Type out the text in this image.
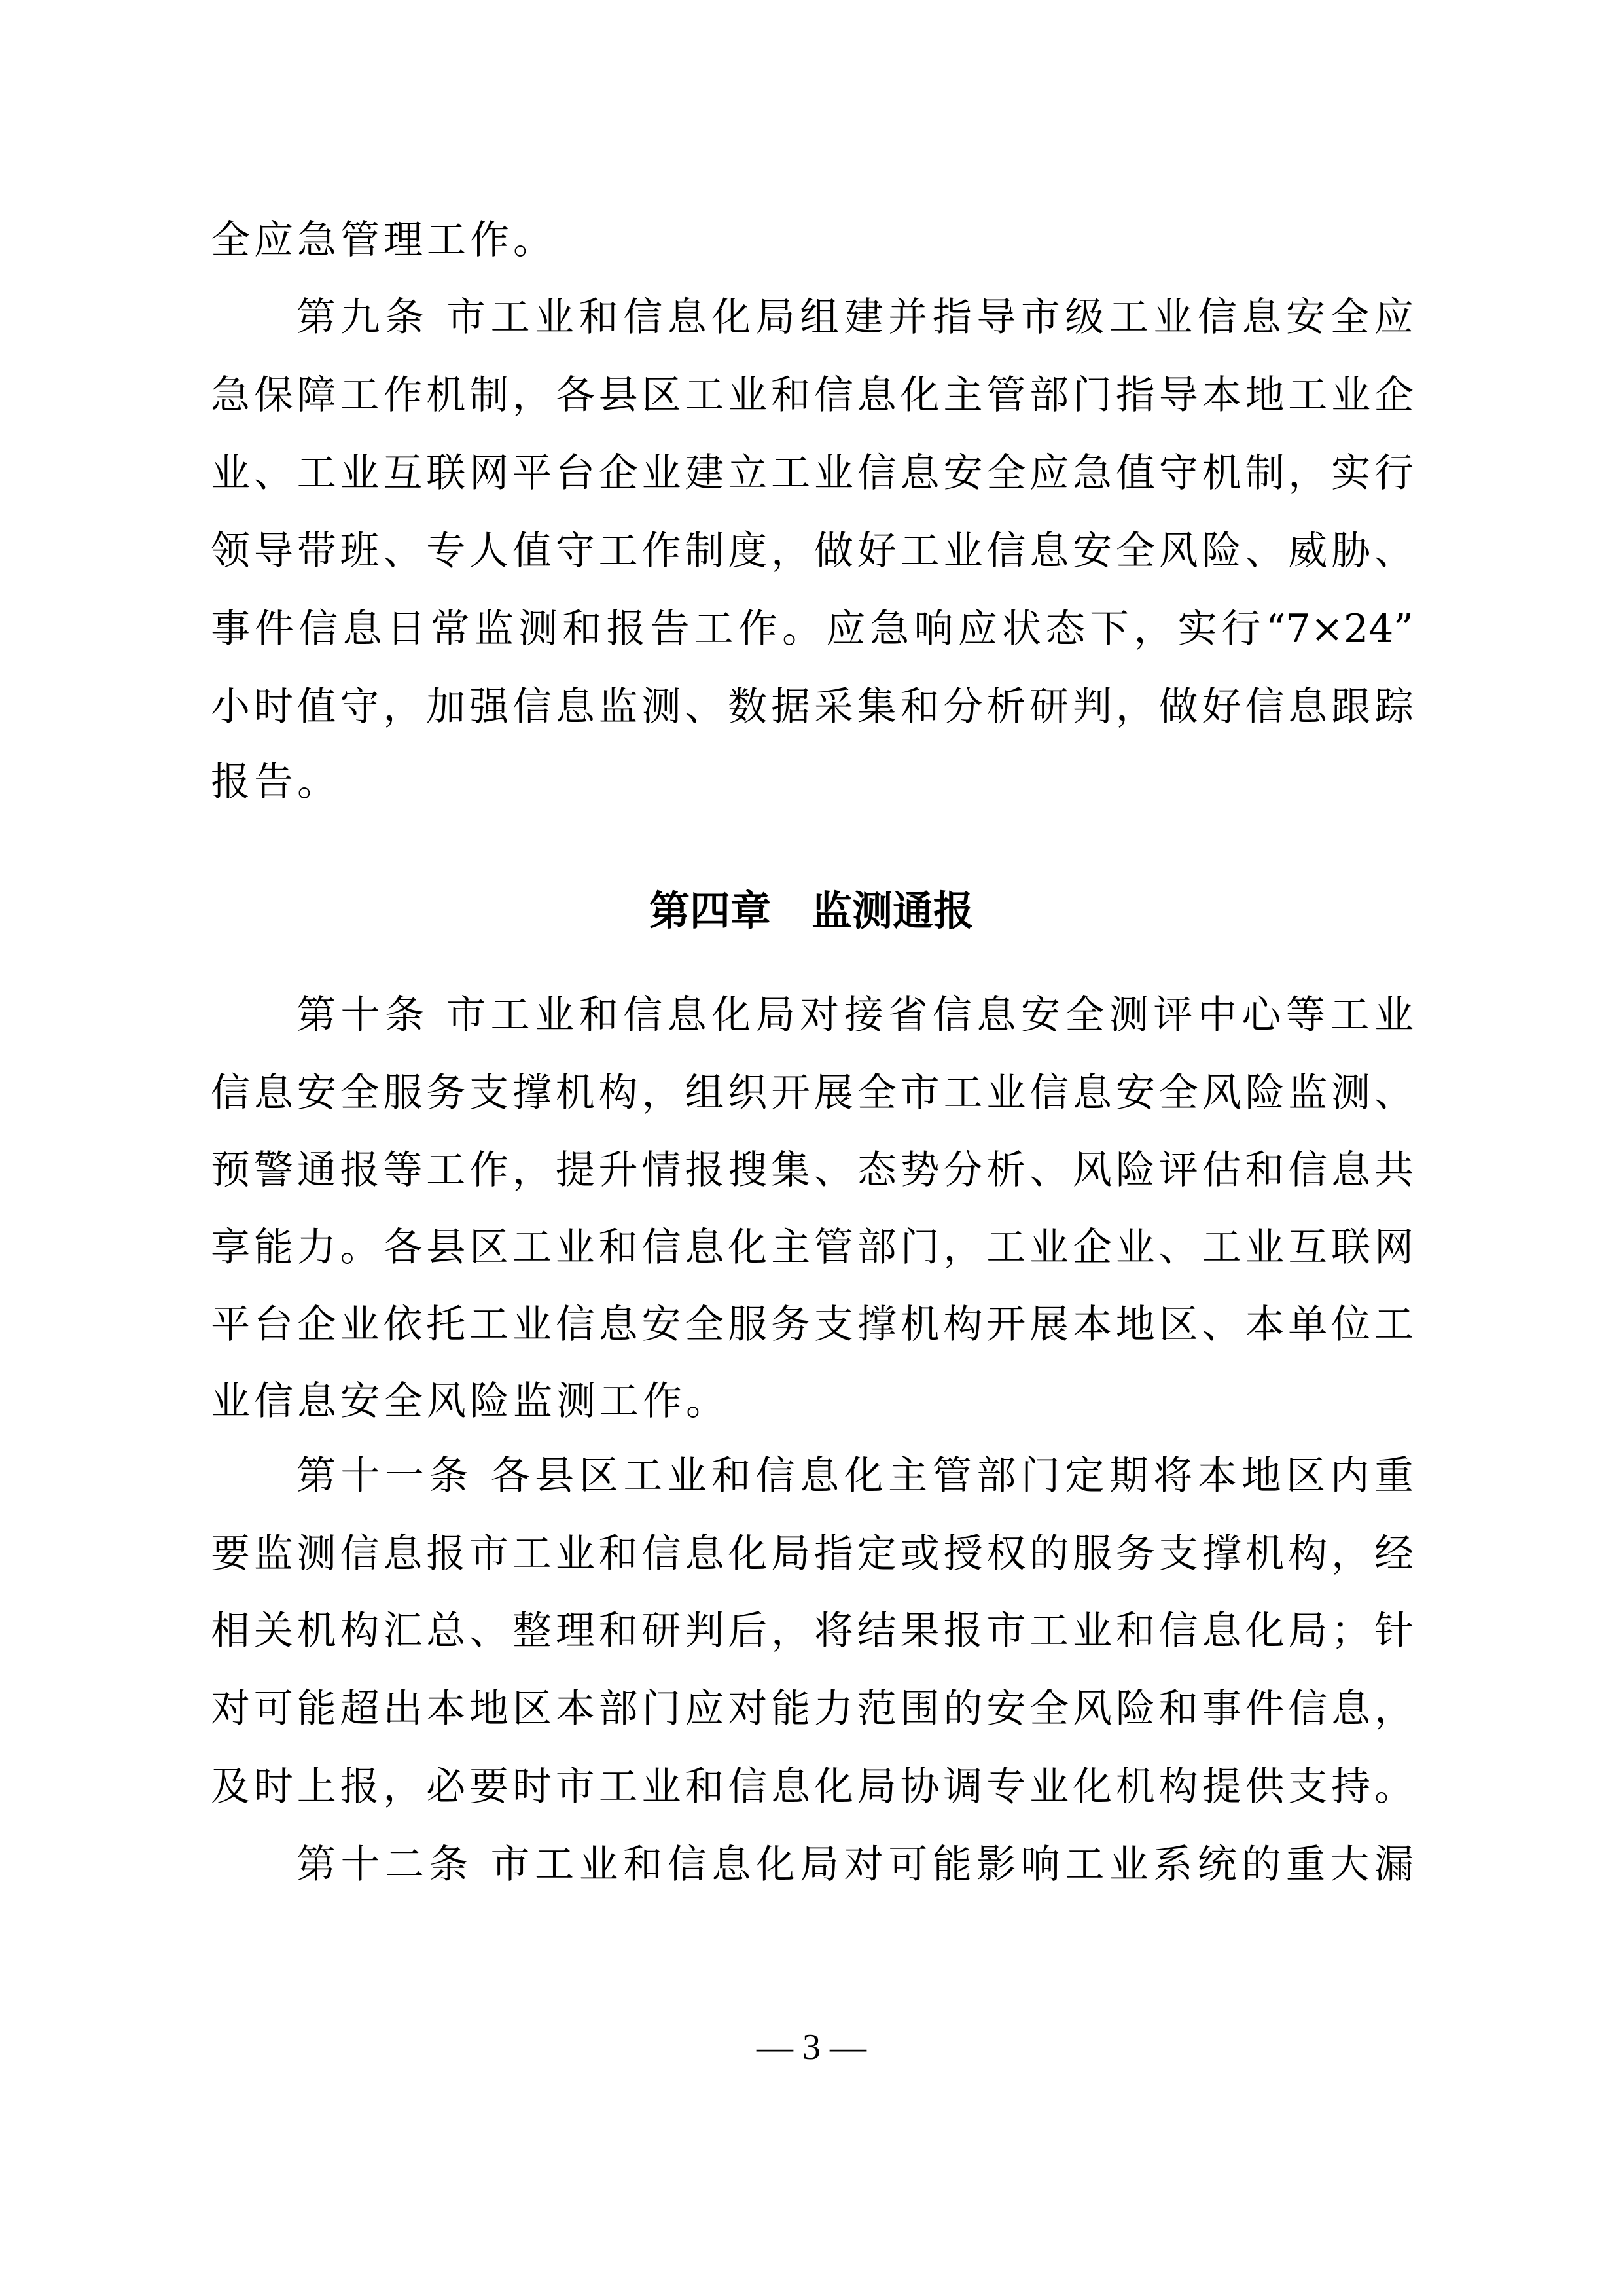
全应急管理工作。
第九条 市工业和信息化局组建并指导市级工业信息安全应
急保障工作机制，各县区工业和信息化主管部门指导本地工业企
业、工业互联网平台企业建立工业信息安全应急值守机制，实行
领导带班、专人值守工作制度，做好工业信息安全风险、威胁、
事件信息日常监测和报告工作。应急响应状态下，实行“7×24”
小时值守，加强信息监测、数据采集和分析研判，做好信息跟踪
报告。
第四章　监测通报
第十条 市工业和信息化局对接省信息安全测评中心等工业
信息安全服务支撑机构，组织开展全市工业信息安全风险监测、
预警通报等工作，提升情报搜集、态势分析、风险评估和信息共
享能力。各县区工业和信息化主管部门，工业企业、工业互联网
平台企业依托工业信息安全服务支撑机构开展本地区、本单位工
业信息安全风险监测工作。
第十一条 各县区工业和信息化主管部门定期将本地区内重
要监测信息报市工业和信息化局指定或授权的服务支撑机构，经
相关机构汇总、整理和研判后，将结果报市工业和信息化局；针
对可能超出本地区本部门应对能力范围的安全风险和事件信息，
及时上报，必要时市工业和信息化局协调专业化机构提供支持。
第十二条 市工业和信息化局对可能影响工业系统的重大漏
— 3 —
